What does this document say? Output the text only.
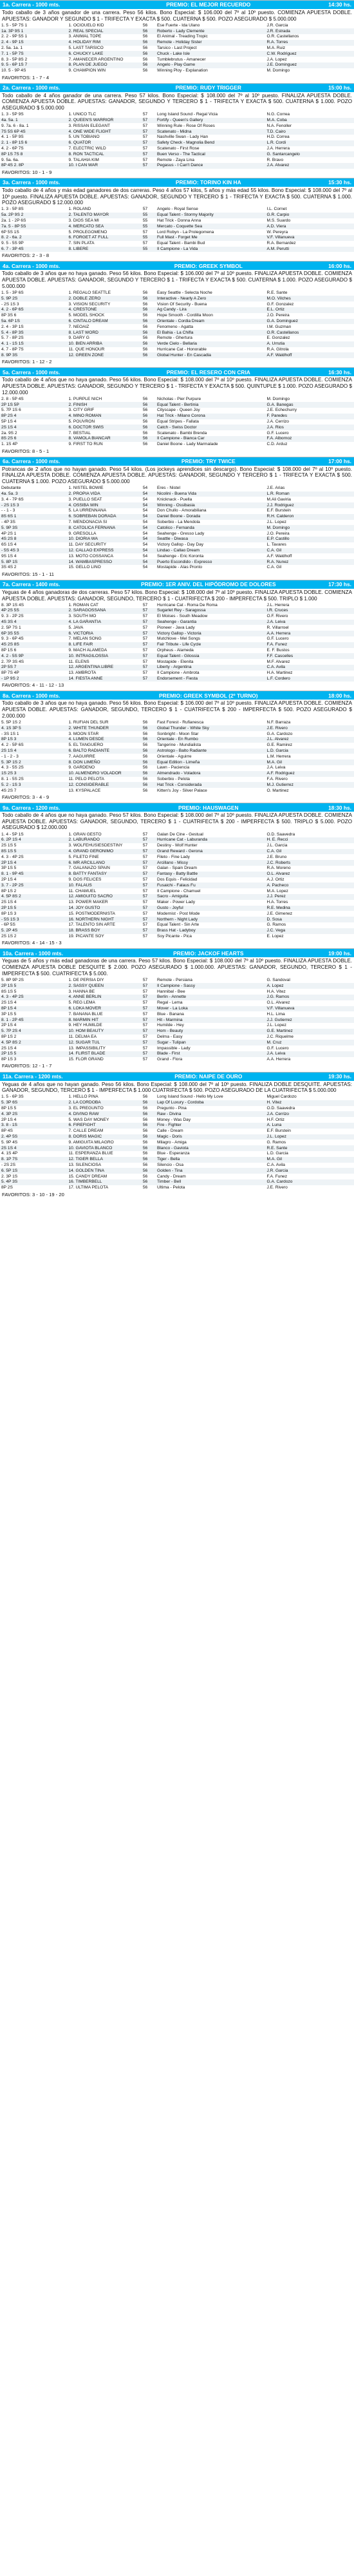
1a. Carrera - 1000 mts.	PREMIO: EL MEJOR RECUERDO	14:30 hs.
Todo caballo de 3 años ganador de una carrera. Peso 56 kilos. Bono Especial: $ 106.000 del 7º al 10º puesto. COMIENZA APUESTA DOBLE. APUESTAS: GANADOR Y SEGUNDO $ 1 - TRIFECTA Y EXACTA $ 500. CUATERNA $ 500. POZO ASEGURADO $ 5.000.000
1. 5 - 5P 7S 1	1. OCIOUELO KID	56	Ese Fuerte - Ida Ulano	J.R. Garcia
1a. 3P 9S 1	2. REAL SPECIAL	56	Roberto - Lady Clemente	J.R. Estrada
2. 2 - 9P 5S 1	3. ANIMAL TOPE	56	El Animal - Treading Tropic	O.R. Castellanos
2. 4 - 9P 1S	4. HOLIDAY RIM	56	Remote - Holiday Sister	R.A. Torres
2. 5a. 1a. 1	5. LAST TARSICO	56	Tarsico - Last Project	M.A. Ruiz
7. 1 - 5P 7S	6. CHUCKY LAKE	56	Chuck - Lake Isle	C.W. Rodriguez
8. 3 - 5P 8S 2	7. AMANECER ARGENTINO	56	Tumblebrutus - Amanecer	J.A. Lopez
9. 5 - 6P 1S 7	8. PLAN DE JUEGO	56	Angelo - Play Game	J.E. Dominguez
10. 5 - 9P 4S	9. CHAMPIÓN WIN	56	Winning Ploy - Explanation	M. Domingo
FAVORITOS: 1 - 7 - 4
2a. Carrera - 1000 mts.	PREMIO: RUDY TRIGGER	15:00 hs.
Todo caballo de 4 años ganador de una carrera. Peso 57 kilos. Bono Especial: $ 108.000 del 7º al 10º puesto. FINALIZA APUESTA DOBLE. COMIENZA APUESTA DOBLE. APUESTAS: GANADOR, SEGUNDO Y TERCERO $ 1 - TRIFECTA Y EXACTA $ 500. CUATERNA $ 1.000. POZO ASEGURADO $ 5.000.000
1. 3 - 5P 9S	1. UNICO TLC	57	Long Island Sound - Regal Vicia	N.G. Correa
4a. 5a. 1	2. QUEEN'S WARRIOR	57	Fortify - Queen's Gallery	M.A. Coba
9. 7a. 6 - 8a. 1	3. RISSAN ELEGANT	57	Winning Rule - Rose Of Roses	N.A. Fenoller
7S 5S 6P 4S	4. ONE WIDE FLIGHT	57	Scatenato - Midna	T.D. Cairo
4. 1 - 5P 9S	5. UN TOBIANO	57	Nashville Swan - Lady Han	H.D. Correa
2. 1 - 8P 1S 6	6. QUATOR	57	Safety Check - Magnolia Bend	L.R. Cordi
4. 2 - 6P 7S	7. ELECTRIC WILD	57	Scatenato - First Rose	J.A. Herrera
8P 1S 7S 8	8. RON TACTICAL	57	Buen Verso - The Tactical	G. Santarcangelo
9. 5a. 6a.	9. TALAHIA KIM	57	Remote - Zaya Lina	R. Bravo
8P 4S 2. 8P	10. I CAN WAR	57	Pegasus - I Can't Dance	J.A. Alvarez
FAVORITOS: 10 - 1 - 9
3a. Carrera - 1000 mts.	PREMIO: TORINO KIN HA	15:30 hs.
Todo caballo de 4 años y más edad ganadores de dos carreras. Peso 4 años 57 kilos, 5 años y más edad 55 kilos. Bono Especial: $ 108.000 del 7º al 10º puesto. FINALIZA APUESTA DOBLE. APUESTAS: GANADOR, SEGUNDO Y TERCERO $ 1 - TRIFECTA Y EXACTA $ 500. CUATERNA $ 1.000. POZO ASEGURADO $ 12.000.000
1. 3 - 5P 8S	1. ROLAND	57	Angelo - Royal Sense	I.L. Cornet
5a. 2P 9S 2	2. TALENTO MAYOR	55	Equal Talent - Stormy Majority	G.R. Carpio
2a. 1 - 2P 6S	3. DIOS SEA MI	55	Hat Trick - Donna Anna	M.S. Suardo
7a. 5 - 8P 5S	4. MERCATO SEA	55	Mercato - Coquette Sea	A.D. Viera
6P 5S 1S	5. PROLEGOMENO	57	Lord Robyn - La Prolegomena	W. Pereyra
8. 2 - 6a. 2	6. FORGET AT FULL	55	Full Mast - Forget Me	V.F. Villanueva
9. 5 - 5S 9P	7. SIN PLATA	57	Equal Talent - Bambi Bud	R.A. Bernardez
6. 7 - 3P 4S	8. LIBERE	55	Il Campione - La Vida	A.M. Perutti
FAVORITOS: 2 - 3 - 8
4a. Carrera - 1000 mts.	PREMIO: GREEK SYMBOL	16:00 hs.
Todo caballo de 3 años que no haya ganado. Peso 56 kilos. Bono Especial: $ 106.000 del 7º al 10º puesto. FINALIZA APUESTA DOBLE. COMIENZA APUESTA DOBLE. APUESTAS: GANADOR, SEGUNDO Y TERCERO $ 1 - TRIFECTA Y EXACTA $ 500. CUATERNA $ 1.000. POZO ASEGURADO $ 5.000.000
1. 5 - 3P 6S	1. REGALO SEATTLE	56	Easy Seattle - Selecta Noche	R.E. Sante
5. 9P 2S	2. DOBLE ZERO	56	Interactive - Nearly A Zero	M.O. Vilches
- 2S 1S 3	3. VISION SECURITY	56	Vision Of Security - Buena	G.F. Gonzalez
4. 2 - 6P 6S	4. CRESTONE	56	Ag Candy - Lira	E.L. Ortiz
8P 3S 6	5. MODEL SHOCK	56	Hope Smooth - Cordilla Moon	J.O. Pereira
5a. 6P 1S	6. CINTALO DREAM	56	Orientale - Cordia Dream	G.A. Dominguez
2. 4 - 3P 1S	7. NEOAIZ	56	Fenomeno - Agatta	I.M. Guzman
5. 4 - 8P 3S	8. LAST WORD	56	El Bahia - La Chifla	O.R. Castellanos
5. 7 - 8P 2S	9. DARY G	56	Remote - Ghertura	E. Gonzalez
4. 1 - 1S 1S	10. BIEN ARRIBA	56	Verde Cielo - Bellaria	A. Urrutia
4. 7 - 8P 7S	11. QUE HONOUR	56	Hurricane Cat - Honorable	R.A. Gitrola
8. 9P 3S	12. GREEN ZONE	56	Global Hunter - En Cascadia	A.F. Waldhoff
FAVORITOS: 1 - 12 - 2
5a. Carrera - 1000 mts.	PREMIO: EL RESERO CON CRIA	16:30 hs.
Todo caballo de 4 años que no haya ganado. Peso 56 kilos. Bono Especial: $ 108.000 del 7º al 10º puesto. FINALIZA APUESTA DOBLE. COMIENZA APUESTA DOBLE. APUESTAS: GANADOR, SEGUNDO Y TERCERO $ 1 - TRIFECTA Y EXACTA $ 500. QUINTUPLE $ 1.000. POZO ASEGURADO $ 12.000.000
2. 8 - 5P 4S	1. PURPLE NICH	56	Nicholas - Pier Purpure	M. Domingo
2P 1S 5P	2. FINISH	56	Equal Talent - Bertinia	G.A. Banegas
5. 7P 1S 6	3. CITY GRIF	56	Cityscape - Queen Joy	J.E. Echechurry
8P 2S 4	4. MINO ROMAN	56	Hat Trick - Milano Corona	F. Paredes
5P 1S 4	5. POUVRON	56	Equal Stripes - Fallata	J.A. Cerrizo
2S 1S 4	6. DOCTOR SWIS	56	Catch - Swiss Doctor	J.A. Rios
2a. 9S 2	7. BESTIAL	56	Scatenato - Bambi Brenda	G.F. Lucero
8S 2S 6	8. VAMOLA BIANCAR	56	Il Campione - Bianca Car	F.A. Albornoz
1. 1S 4P	9. FIRST TO RUN	56	Daniel Boone - Lady Marmalade	C.D. Arduz
FAVORITOS: 8 - 5 - 1
6a. Carrera - 1000 mts.	PREMIO: TRY TWICE	17:00 hs.
Potrancas de 2 años que no hayan ganado. Peso 54 kilos. (Los jockeys aprendices sin descargo). Bono Especial: $ 108.000 del 7º al 10º puesto. FINALIZA APUESTA DOBLE. COMIENZA APUESTA DOBLE. APUESTAS: GANADOR, SEGUNDO Y TERCERO $ 1 - TRIFECTA Y EXACTA $ 500. CUATERNA $ 1.000. POZO ASEGURADO $ 5.000.000
Debutante	1. NISTEL BOWIE	54	Eres - Nistel	J.E. Arias
4a. 5a. 3	2. PROPIA VIDA	54	Nicolini - Buena Vida	L.R. Roman
3. 4 - 7P 6S	3. PUELLO SEAT	54	Knicknack - Puella	M.Ali Gaviria
- 2S 1S 3	4. OSSIBA WIN	54	Winning - Ossibasia	J.J. Rodriguez
- - 1 - 3	5. LA URRENNANA	54	Don Chullo - Amorabiliana	E.F. Burstein
8S 6S 1	6. SOBREBAN DORADA	54	Daniel Boone - Dorada	R.H. Calderon
- 4P 3S	7. MENDONACIA SI	54	Soberbio - La Mendola	J.L. Lopez
5. 9P 3S	8. CATOLICA FERNANA	54	Catolico - Fernanda	M. Domingo
4P 2S 1	9. GRESOLLA	54	Seahenge - Gresso Lady	J.O. Pereira
4S 2S 8	10. DIORIA WA	54	Seattle - Diwasa	E.P. Castillo
6S 1S 4	11. DAY SECURITY	54	Victory Gallop - Day Day	L. Tavares
- 5S 4S 3	12. CALLAO EXPRESS	54	Lindao - Callao Dream	C.A. Gil
9S 1S 4	13. MOTO COSSANCA	54	Seahenge - Eric Koronta	A.F. Waldhoff
5. 8P 1S	14. WAMBASPRESSO	54	Puerto Escondido - Expresso	R.A. Nunez
3S 4S 2	15. GELLO LINO	54	Mostapide - Alas Pronto	C.A. Gil
FAVORITOS: 15 - 1 - 11
7a. Carrera - 1400 mts.	PREMIO: 1ER ANIV. DEL HIPÓDROMO DE DOLORES	17:30 hs.
Yeguas de 4 años ganadoras de dos carreras. Peso 57 kilos. Bono Especial: $ 108.000 del 7º al 10º puesto. FINALIZA APUESTA DOBLE. COMIENZA APUESTA DOBLE. APUESTAS: GANADOR, SEGUNDO, TERCERO $ 1 - CUATRIFECTA $ 200 - IMPERFECTA $ 500. TRIPLO $ 1.000
8. 3P 1S 4S	1. ROMAN CAT	57	Hurricane Cat - Roma De Roma	J.L. Herrera
4P 2S 5S	2. SARAGOSSANA	57	Sugarlet Rey - Saragossa	I.R. Cruces
9. 3 - 2P 2S	3. SOUTH MO	57	El Moises - South Meadow	O.F. Rivero
4S 3S 4	4. LA GARANTIA	57	Seahenge - Garantia	J.A. Leiva
2. 5P 7S 1	5. JAVA	57	Pioneer - Java Lady	R. Villarroel
6P 3S 5S	6. VICTORIA	57	Victory Gallop - Victoria	A.A. Herrera
9. 3 - 6P 4S	7. MELAN SONG	57	Mutchlove - Mel Songs	G.F. Lucero
4S 2S 8S	8. LIFE FAIR	57	Fair Tribute - Life Cycle	F.A. Funez
8P 1S 6	9. MACH ALAMEDA	57	Orpheus - Alameda	E. F. Bustos
4. 2 - 5S 9P	10. INTRAGILOSSIA	57	Equal Talent - Gilossia	F.F. Cascelles
2. 7P 3S 4S	11. ELENS	57	Mostapide - Elenita	M.F. Alvarez
2P 5S 7	12. ARGENTINA LIBRE	57	Liberty - Argentina	C.A. Avila
8P 7S 4P	13. AMBROTA	57	Il Campione - Ambrota	H.A. Martinez
- 1P 9S 2	14. FIESTA ANNE	57	Endorsement - Fiesta	L.F. Cordero
FAVORITOS: 4 - 11 - 12 - 13
8a. Carrera - 1000 mts.	PREMIO: GREEK SYMBOL (2º TURNO)	18:00 hs.
Todo caballo de 3 años que no haya ganado. Peso 56 kilos. Bono Especial: $ 106.000 del 7º al 10º puesto. FINALIZA APUESTA DOBLE. COMIENZA APUESTA DOBLE. APUESTAS: GANADOR, SEGUNDO, TERCERO $ 1 - CUATRIFECTA $ 200 - IMPERFECTA $ 500. POZO ASEGURADO $ 2.000.000
5. 5P 1S 2	1. RUFIAN DEL SUR	56	Fast Forest - Rufianesca	N.F. Barraza
4. 1S 3P 5	2. WHITE THUNDER	56	Global Thunder - White Sky	J.E. Rivero
- 3S 1S 1	3. MOON STAR	56	Sonbright - Moon Star	G.A. Cardozo
8P 1S 3	4. LUMEN DESDE	56	Orientale - En Rumbo	J.L. Alvarez
4. 2 - 5P 6S	5. EL TANGUERO	56	Tangerine - Mundialista	G.E. Ramirez
2S 1S 4	6. BALTO RADIANTE	56	Astrologo - Balto Radiante	L.D. Garcia
- 1 - 2 - 3	7. AAGUIRRE	56	Orientale - Aguirre	L.M. Herrera
5. 3P 1S 2	8. DON LIMEÑO	56	Equal Edition - Limeña	M.A. Gil
4. 3 - 5S 2S	9. GARDENO	56	Lawn - Paciencia	J.A. Leiva
1S 2S 3	10. ALMENDRO VOLADOR	56	Almendrado - Voladora	A.F. Rodriguez
8. 1 - 5S 2S	11. PELO PELOTA	56	Soberbio - Pelota	F.A. Rivero
5. 2 - 1S 3	12. CONSIDERABLE	56	Hat Trick - Considerada	M.J. Gutierrez
4S 2S 7	13. KYSPALACE	56	Kitten's Joy - Silver Palace	O. Martinez
FAVORITOS: 3 - 4 - 9
9a. Carrera - 1200 mts.	PREMIO: HAUSWAGEN	18:30 hs.
Todo caballo de 4 años que no haya ganado. Peso 57 kilos. Bono Especial: $ 108.000 del 7º al 10º puesto. FINALIZA APUESTA DOBLE. COMIENZA APUESTA DOBLE. APUESTAS: GANADOR, SEGUNDO, TERCERO $ 1 - CUATRIFECTA $ 200 - IMPERFECTA $ 500. TRIPLO $ 5.000. POZO ASEGURADO $ 12.000.000
1. 4 - 5P 1S	1. GRAN GESTO	57	Galan De Cine - Gestual	O.D. Saavedra
6. 2P 1S 4	2. LABURANDO	57	Hurricane Cat - Laburanda	H. E. Recci
2S 1S 5	3. WOLFEHUSIESDESTINY	57	Destiny - Wolf Hunter	J.L. Garcia
8S 1S 5	4. GRAND GERONIMO	57	Grand Reward - Gerona	C.A. Gil
4. 3 - 4P 2S	5. FILETO FINE	57	Fileto - Fine Lady	J.E. Bruno
2P 1S 4	6. MR ARCILLANO	57	Arcillano - Missy	J.C. Roberts
3P 1S 5	7. GALANAZO SPAIN	57	Galan - Spain Dream	R.A. Moreno
8. 1 - 9P 4S	8. BATTY FANTASY	57	Fantasy - Batty Battle	O.L. Alvarez
2P 1S 4	9. DOS FELICES	57	Dos Equis - Felicidad	A.J. Ortiz
3. 7 - 2P 2S	10. FALAUS	57	Fusaichi - Falaus Fu	A. Pacheco
8P 1S 2	11. CHAMUEL	57	Il Campione - Chamuel	M.A. Lopez
4. 5P 8S 2	12. AMIGUITO SACRO	57	Sacro - Amiguita	J.J. Perez
2S 1S 4	13. POWER MAKER	57	Maker - Power Lady	H.A. Torres
2P 1S 5	14. JOY GUSTO	57	Gusto - Joyful	R.E. Medina
8P 1S 3	15. POSTMODERNISTA	57	Modernist - Post Mode	J.E. Gimenez
- 5S 1S 3	16. NORTHERN NIGHT	57	Northern - Night Lady	D. Sosa
- 6P 5S	17. TALENTO SIN ARTE	57	Equal Talent - Sin Arte	G. Ramos
5. 2P 4S	18. BRASS BOY	57	Brass Hat - Ladyboy	J.C. Vega
2S 1S 2	19. PICANTE SOY	57	Soy Picante - Pica	E. Lopez
FAVORITOS: 4 - 14 - 15 - 3
10a. Carrera - 1000 mts.	PREMIO: JACKOF HEARTS	19:00 hs.
Yeguas de 5 años y más edad ganadoras de una carrera. Peso 57 kilos. Bono Especial: $ 108.000 del 7º al 10º puesto. FINALIZA APUESTA DOBLE. COMIENZA APUESTA DOBLE DESQUITE $ 2.000. POZO ASEGURADO $ 1.000.000. APUESTAS: GANADOR, SEGUNDO, TERCERO $ 1 - IMPERFECTA $ 500. CUATRIFECTA $ 5.000.
5. 8P 9P 2S	1. DE PERSIA DIY	57	Remote - Persiana	G. Sandoval
2P 1S 5	2. SASSY QUEEN	57	Il Campione - Sassy	A. Lopez
8S 1S 5	3. HANNA BE	57	Hannibal - Bee	H.A. Vitez
4. 3 - 4P 2S	4. ANNE BERLIN	57	Berlin - Annette	J.G. Ramos
2S 1S 4	5. REG LEMA	57	Regal - Lema	O.L. Alvarez
8P 1S 4	6. LOKA MOVER	57	Mover - La Loka	V.F. Villanueva
3P 1S 5	7. BANANA BLUE	57	Blue - Banana	H.L. Lima
8. 1 - 2P 4S	8. MARMIN HIT	57	Hit - Marmina	J.J. Gutierrez
2P 1S 4	9. HEY HUMILDE	57	Humilde - Hey	J.L. Lopez
5. 7P 2S 4	10. HOM BEAUTY	57	Hom - Beauty	G.E. Martinez
8P 1S 2	11. DELMA EA	57	Delma - Easy	J.C. Riquelme
4. 5P 8S 2	12. SUGAR TUL	57	Sugar - Tulipan	M. Cruz
2S 1S 4	13. IMPASSIBILITY	57	Impassible - Lady	G.F. Lucero
2P 1S 5	14. FLIRST BLADE	57	Blade - First	J.A. Leiva
8P 1S 3	15. FLOR GRAND	57	Grand - Flora	A.A. Herrera
FAVORITOS: 12 - 1 - 7
11a. Carrera - 1200 mts.	PREMIO: NAIPE DE OURO	19:30 hs.
Yeguas de 4 años que no hayan ganado. Peso 56 kilos. Bono Especial: $ 108.000 del 7º al 10º puesto. FINALIZA DOBLE DESQUITE. APUESTAS: GANADOR, SEGUNDO, TERCERO $ 1 - IMPERFECTA $ 1.000 CUATRIFECTA $ 500. POZO ASEGURADO DE LA CUATRIFECTA $ 5.000.000
1. 5 - 6P 3S	1. HELLO PINA	56	Long Island Sound - Hello My Love	Miguel Cardozo
5. 3P 6S	2. LA CORDOBA	56	Lap Of Luxury - Cordoba	H. Vitez
8P 1S 5	3. EL PREGUNTO	56	Pregunto - Pina	O.D. Saavedra
4. 3P 2S	4. DIVINO RAW	56	Raw - Divina	J.A. Cerrizo
2P 1S 4	5. WAS DAY MONEY	56	Money - Was Day	H.F. Ortiz
3. 8 - 1S	6. FIREFIGHT	56	Fire - Fighter	A. Luna
8P 4S	7. CALLE DREAM	56	Calle - Dream	E.F. Burstein
2. 4P 5S	8. DORIS MAGIC	56	Magic - Doris	J.L. Lopez
5. 9P 4S	9. AMIGUITA MILAGRO	56	Milagro - Amiga	G. Ramos
2S 1S 4	10. GAVIOTA BLANCO	56	Blanco - Gaviota	R.E. Sante
4. 1S 4P	11. ESPERANZA BLUE	56	Blue - Esperanza	L.D. Garcia
8. 1P 7S	12. TIGER BELLA	56	Tiger - Bella	M.A. Gil
- 2S 2S	13. SILENCIOSA	56	Silencio - Osa	C.A. Avila
6. 5P 1S	14. GOLDEN TINA	56	Golden - Tina	J.R. Garcia
2. 3P 1S	15. CANDY DREAM	56	Candy - Dream	F.A. Funez
5. 4P 3S	16. TIMBERBELL	56	Timber - Bell	G.A. Cardozo
8P 2S	17. ULTIMA PELOTA	56	Ultima - Pelota	J.E. Rivero
FAVORITOS: 3 - 10 - 19 - 20
